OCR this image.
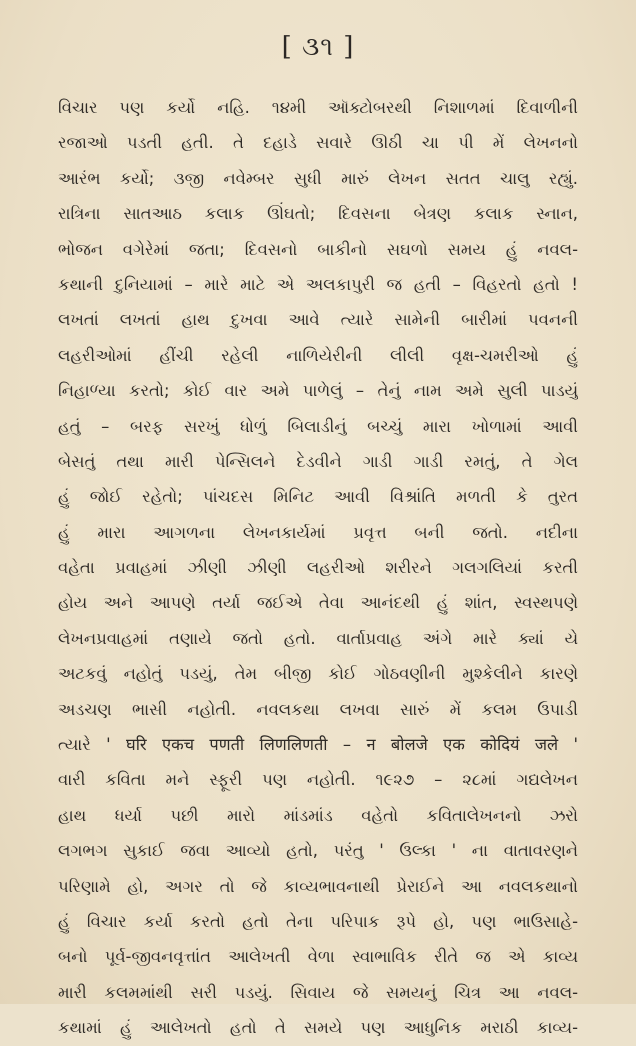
[ ૩૧ ]
વિચાર પણ કર્યો નહિ. ૧૪મી ઑક્ટોબરથી નિશાળમાં દિવાળીની
રજાઓ પડતી હતી. તે દહાડે સવારે ઊઠી ચા પી મેં લેખનનો
આરંભ કર્યો; ૩જી નવેમ્બર સુધી મારું લેખન સતત ચાલુ રહ્યું.
રાત્રિના સાતઆઠ કલાક ઊંઘતો; દિવસના બેત્રણ કલાક સ્નાન,
ભોજન વગેરેમાં જતા; દિવસનો બાકીનો સઘળો સમય હું નવલ-
કથાની દુનિયામાં – મારે માટે એ અલકાપુરી જ હતી – વિહરતો હતો !
લખતાં લખતાં હાથ દુખવા આવે ત્યારે સામેની બારીમાં પવનની
લહરીઓમાં હીંચી રહેલી નાળિયેરીની લીલી વૃક્ષ-ચમરીઓ હું
નિહાળ્યા કરતો; કોઈ વાર અમે પાળેલું – તેનું નામ અમે સુલી પાડયું
હતું – બરફ સરખું ધોળું બિલાડીનું બચ્ચું મારા ખોળામાં આવી
બેસતું તથા મારી પેન્સિલને દેડવીને ગાડી ગાડી રમતું, તે ગેલ
હું જોઈ રહેતો; પાંચદસ મિનિટ આવી વિશ્રાંતિ મળતી કે તુરત
હું મારા આગળના લેખનકાર્યમાં પ્રવૃત્ત બની જતો. નદીના
વહેતા પ્રવાહમાં ઝીણી ઝીણી લહરીઓ શરીરને ગલગલિયાં કરતી
હોય અને આપણે તર્યા જઈએ તેવા આનંદથી હું શાંત, સ્વસ્થપણે
લેખનપ્રવાહમાં તણાયે જતો હતો. વાર્તાપ્રવાહ અંગે મારે ક્યાં યે
અટકવું નહોતું પડયું, તેમ બીજી કોઈ ગોઠવણીની મુશ્કેલીને કારણે
અડચણ ભાસી નહોતી. નવલકથા લખવા સારું મેં કલમ ઉપાડી
ત્યારે ' घरि एकच पणती लिणलिणती – न बोलजे एक कोदियं जले '
વારી કવિતા મને સ્ફૂરી પણ નહોતી. ૧૯૨૭ – ૨૮માં ગદ્યલેખન
હાથ ધર્યા પછી મારો માંડમાંડ વહેતો કવિતાલેખનનો ઝરો
લગભગ સુકાઈ જવા આવ્યો હતો, પરંતુ ' ઉલ્કા ' ના વાતાવરણને
પરિણામે હો, અગર તો જે કાવ્યભાવનાથી પ્રેરાઈને આ નવલકથાનો
હું વિચાર કર્યા કરતો હતો તેના પરિપાક રૂપે હો, પણ ભાઉસાહે-
બનો પૂર્વ-જીવનવૃત્તાંત આલેખતી વેળા સ્વાભાવિક રીતે જ એ કાવ્ય
મારી કલમમાંથી સરી પડયું. સિવાય જે સમયનું ચિત્ર આ નવલ-
કથામાં હું આલેખતો હતો તે સમયે પણ આધુનિક મરાઠી કાવ્ય-
